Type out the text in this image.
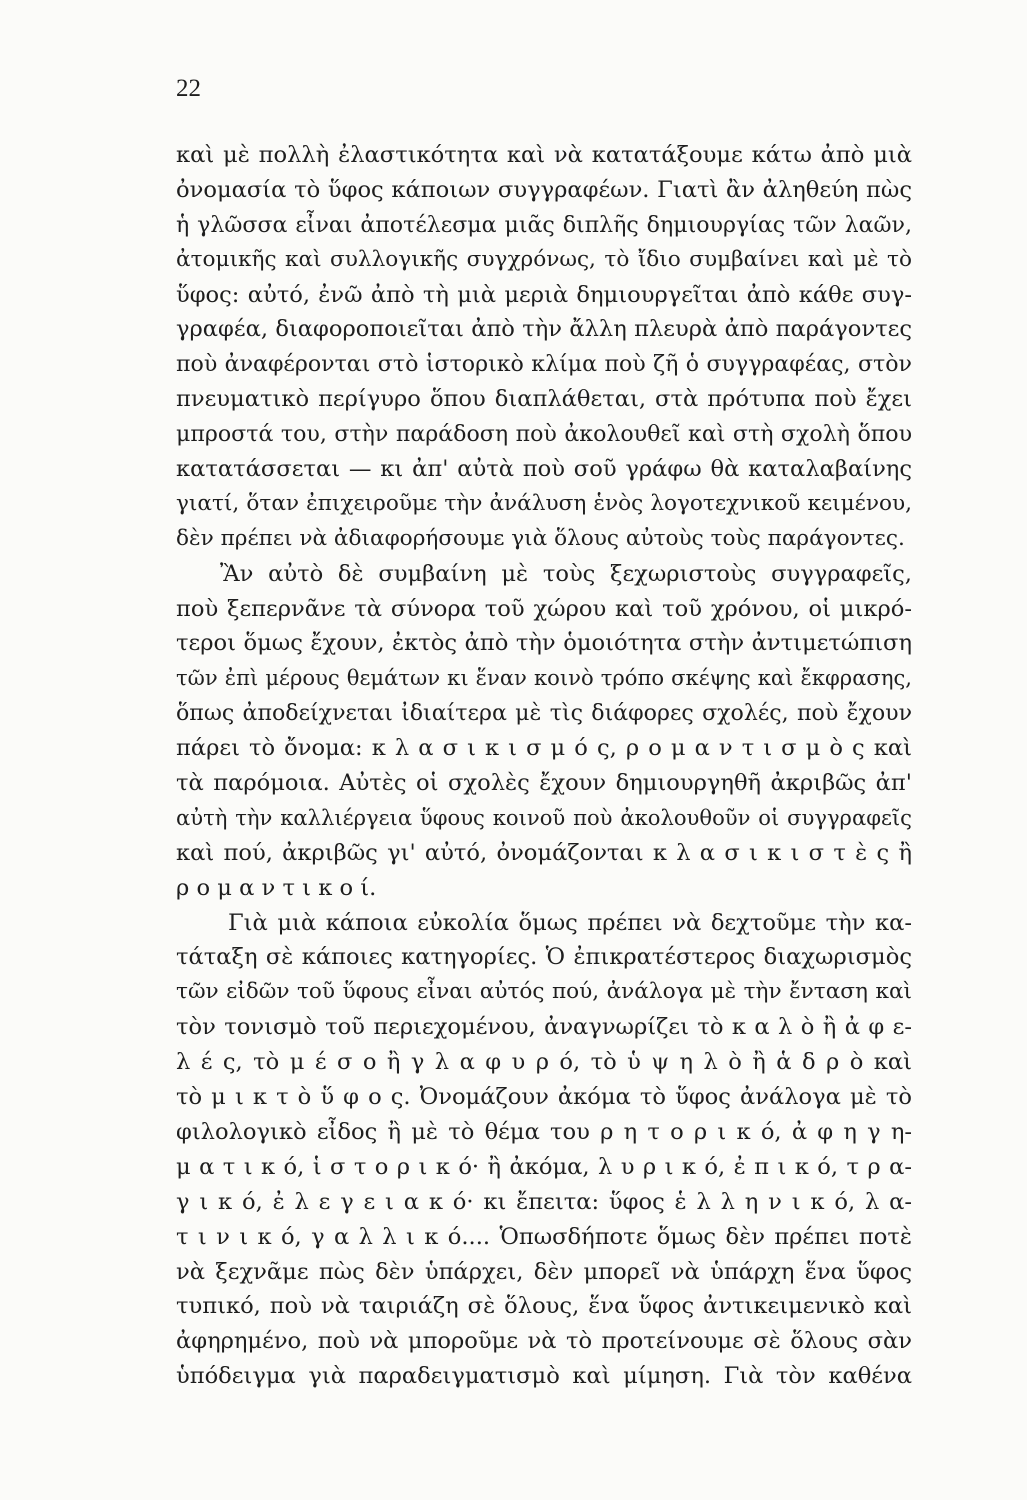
22
καὶ μὲ πολλὴ ἐλαστικότητα καὶ νὰ κατατάξουμε κάτω ἀπὸ μιὰ
ὀνομασία τὸ ὕφος κάποιων συγγραφέων. Γιατὶ ἂν ἀληθεύη πὼς
ἡ γλῶσσα εἶναι ἀποτέλεσμα μιᾶς διπλῆς δημιουργίας τῶν λαῶν,
ἀτομικῆς καὶ συλλογικῆς συγχρόνως, τὸ ἴδιο συμβαίνει καὶ μὲ τὸ
ὕφος: αὐτό, ἐνῶ ἀπὸ τὴ μιὰ μεριὰ δημιουργεῖται ἀπὸ κάθε συγ-
γραφέα, διαφοροποιεῖται ἀπὸ τὴν ἄλλη πλευρὰ ἀπὸ παράγοντες
ποὺ ἀναφέρονται στὸ ἱστορικὸ κλίμα ποὺ ζῆ ὁ συγγραφέας, στὸν
πνευματικὸ περίγυρο ὅπου διαπλάθεται, στὰ πρότυπα ποὺ ἔχει
μπροστά του, στὴν παράδοση ποὺ ἀκολουθεῖ καὶ στὴ σχολὴ ὅπου
κατατάσσεται — κι ἀπ' αὐτὰ ποὺ σοῦ γράφω θὰ καταλαβαίνης
γιατί, ὅταν ἐπιχειροῦμε τὴν ἀνάλυση ἑνὸς λογοτεχνικοῦ κειμένου,
δὲν πρέπει νὰ ἀδιαφορήσουμε γιὰ ὅλους αὐτοὺς τοὺς παράγοντες.
Ἂν αὐτὸ δὲ συμβαίνη μὲ τοὺς ξεχωριστοὺς συγγραφεῖς,
ποὺ ξεπερνᾶνε τὰ σύνορα τοῦ χώρου καὶ τοῦ χρόνου, οἱ μικρό-
τεροι ὅμως ἔχουν, ἐκτὸς ἀπὸ τὴν ὁμοιότητα στὴν ἀντιμετώπιση
τῶν ἐπὶ μέρους θεμάτων κι ἕναν κοινὸ τρόπο σκέψης καὶ ἔκφρασης,
ὅπως ἀποδείχνεται ἰδιαίτερα μὲ τὶς διάφορες σχολές, ποὺ ἔχουν
πάρει τὸ ὄνομα: κ λ α σ ι κ ι σ μ ό ς, ρ ο μ α ν τ ι σ μ ὸ ς καὶ
τὰ παρόμοια. Αὐτὲς οἱ σχολὲς ἔχουν δημιουργηθῆ ἀκριβῶς ἀπ'
αὐτὴ τὴν καλλιέργεια ὕφους κοινοῦ ποὺ ἀκολουθοῦν οἱ συγγραφεῖς
καὶ πού, ἀκριβῶς γι' αὐτό, ὀνομάζονται κ λ α σ ι κ ι σ τ ὲ ς ἢ
ρ ο μ α ν τ ι κ ο ί.
Γιὰ μιὰ κάποια εὐκολία ὅμως πρέπει νὰ δεχτοῦμε τὴν κα-
τάταξη σὲ κάποιες κατηγορίες. Ὁ ἐπικρατέστερος διαχωρισμὸς
τῶν εἰδῶν τοῦ ὕφους εἶναι αὐτός πού, ἀνάλογα μὲ τὴν ἔνταση καὶ
τὸν τονισμὸ τοῦ περιεχομένου, ἀναγνωρίζει τὸ κ α λ ὸ ἢ ἀ φ ε-
λ έ ς, τὸ μ έ σ ο ἢ γ λ α φ υ ρ ό, τὸ ὑ ψ η λ ὸ ἢ ἁ δ ρ ὸ καὶ
τὸ μ ι κ τ ὸ ὕ φ ο ς. Ὀνομάζουν ἀκόμα τὸ ὕφος ἀνάλογα μὲ τὸ
φιλολογικὸ εἶδος ἢ μὲ τὸ θέμα του ρ η τ ο ρ ι κ ό, ἀ φ η γ η-
μ α τ ι κ ό, ἱ σ τ ο ρ ι κ ό· ἢ ἀκόμα, λ υ ρ ι κ ό, ἐ π ι κ ό, τ ρ α-
γ ι κ ό, ἐ λ ε γ ε ι α κ ό· κι ἔπειτα: ὕφος ἑ λ λ η ν ι κ ό, λ α-
τ ι ν ι κ ό, γ α λ λ ι κ ό.... Ὁπωσδήποτε ὅμως δὲν πρέπει ποτὲ
νὰ ξεχνᾶμε πὼς δὲν ὑπάρχει, δὲν μπορεῖ νὰ ὑπάρχη ἕνα ὕφος
τυπικό, ποὺ νὰ ταιριάζη σὲ ὅλους, ἕνα ὕφος ἀντικειμενικὸ καὶ
ἀφηρημένο, ποὺ νὰ μποροῦμε νὰ τὸ προτείνουμε σὲ ὅλους σὰν
ὑπόδειγμα γιὰ παραδειγματισμὸ καὶ μίμηση. Γιὰ τὸν καθένα
